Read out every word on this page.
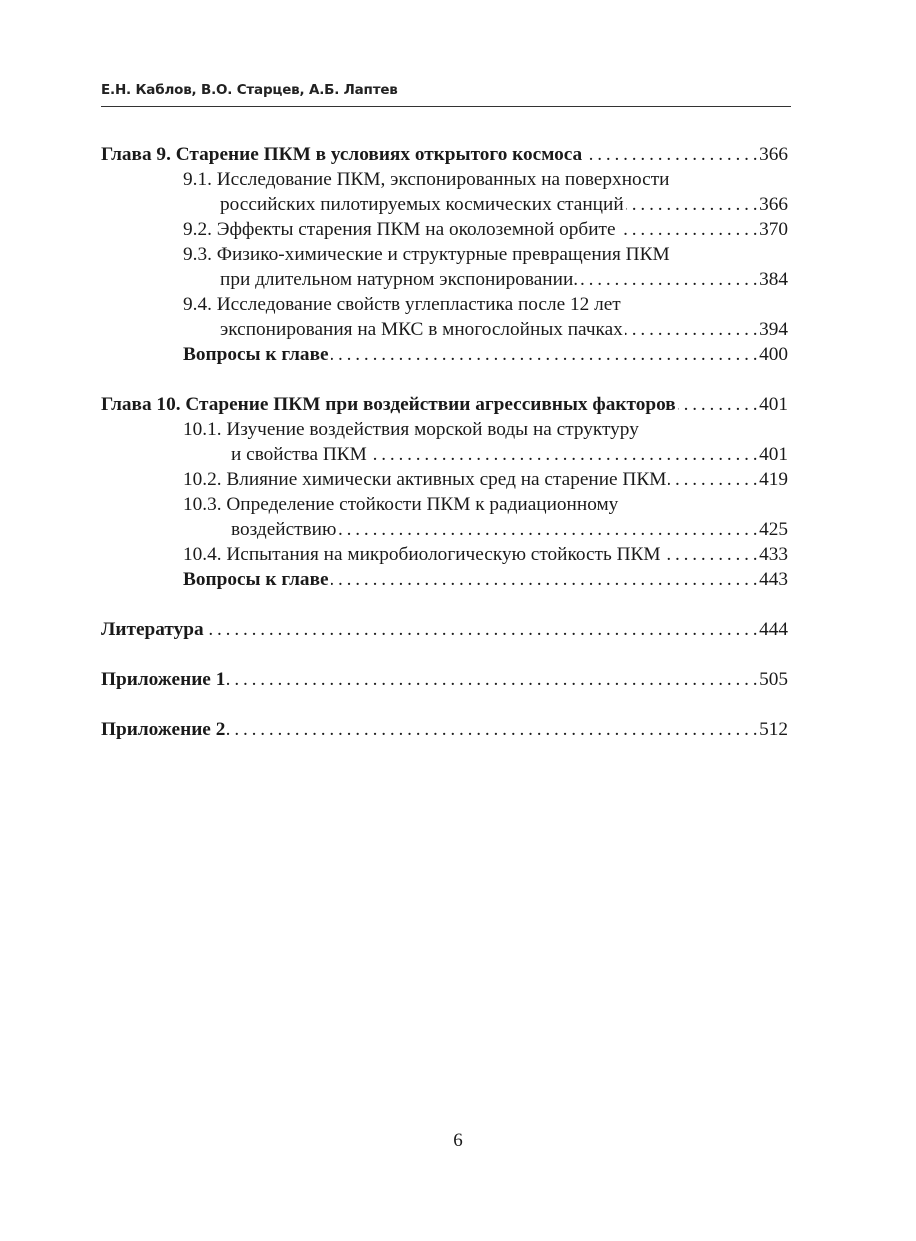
Е.Н. Каблов, В.О. Старцев, А.Б. Лаптев
Глава 9. Старение ПКМ в условиях открытого космоса . . .	366
9.1. Исследование ПКМ, экспонированных на поверхности
российских пилотируемых космических станций . . .	366
9.2. Эффекты старения ПКМ на околоземной орбите . . .	370
9.3. Физико-химические и структурные превращения ПКМ
при длительном натурном экспонировании. . . .	384
9.4. Исследование свойств углепластика после 12 лет
экспонирования на МКС в многослойных пачках . . .	394
Вопросы к главе . . .	400
Глава 10. Старение ПКМ при воздействии агрессивных факторов . . .	401
10.1. Изучение воздействия морской воды на структуру
и свойства ПКМ . . .	401
10.2. Влияние химически активных сред на старение ПКМ . . .	419
10.3. Определение стойкости ПКМ к радиационному
воздействию . . .	425
10.4. Испытания на микробиологическую стойкость ПКМ . . .	433
Вопросы к главе . . .	443
Литература . . .	444
Приложение 1 . . .	505
Приложение 2 . . .	512
6
